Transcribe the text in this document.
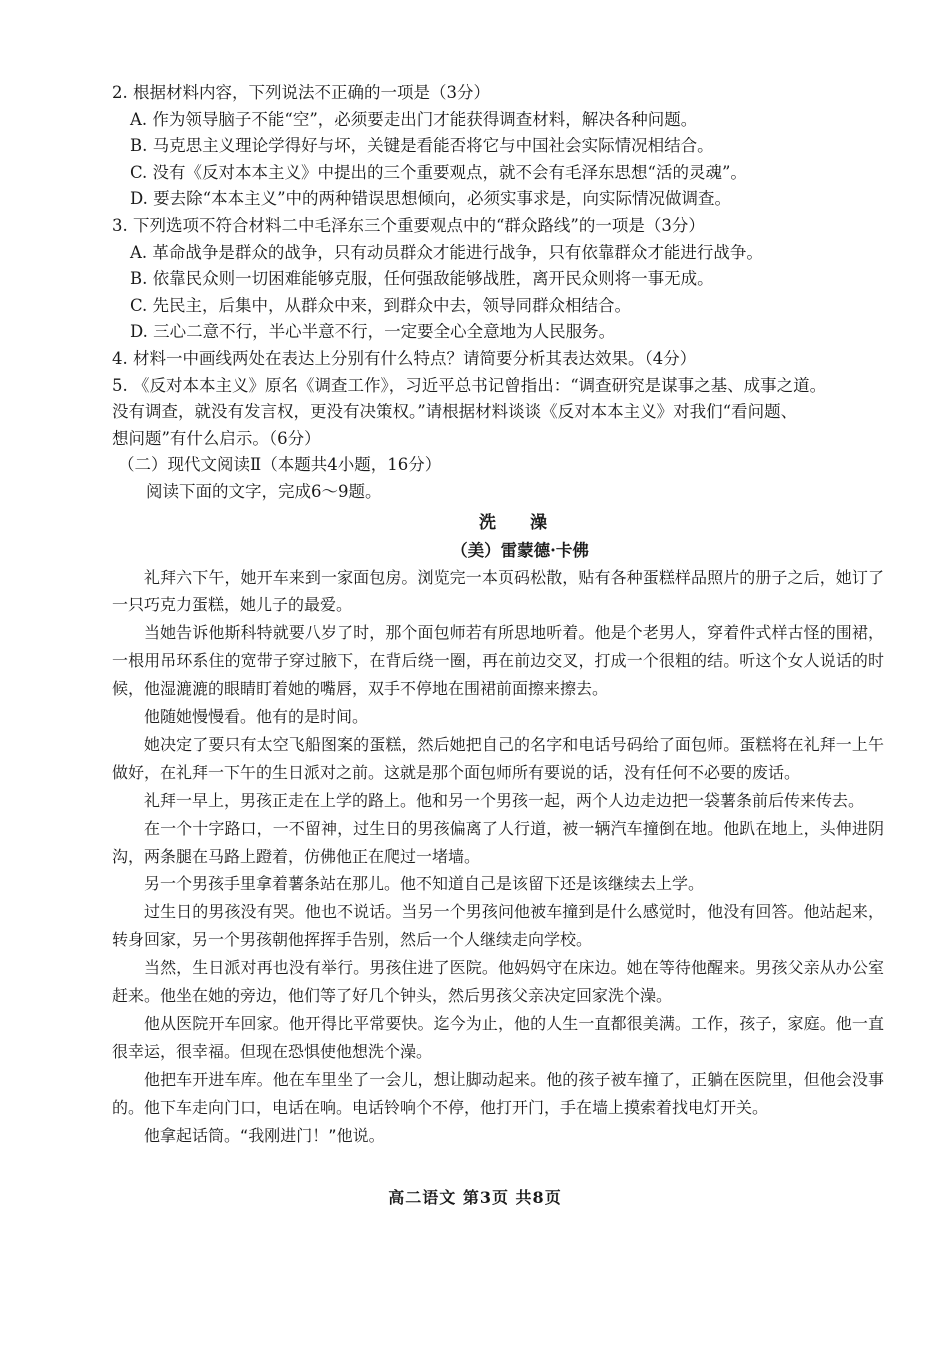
2. 根据材料内容，下列说法不正确的一项是（3分）

A. 作为领导脑子不能“空”，必须要走出门才能获得调查材料，解决各种问题。

B. 马克思主义理论学得好与坏，关键是看能否将它与中国社会实际情况相结合。

C. 没有《反对本本主义》中提出的三个重要观点，就不会有毛泽东思想“活的灵魂”。

D. 要去除“本本主义”中的两种错误思想倾向，必须实事求是，向实际情况做调查。

3. 下列选项不符合材料二中毛泽东三个重要观点中的“群众路线”的一项是（3分）

A. 革命战争是群众的战争，只有动员群众才能进行战争，只有依靠群众才能进行战争。

B. 依靠民众则一切困难能够克服，任何强敌能够战胜，离开民众则将一事无成。

C. 先民主，后集中，从群众中来，到群众中去，领导同群众相结合。

D. 三心二意不行，半心半意不行，一定要全心全意地为人民服务。

4. 材料一中画线两处在表达上分别有什么特点？请简要分析其表达效果。（4分）

5. 《反对本本主义》原名《调查工作》，习近平总书记曾指出：“调查研究是谋事之基、成事之道。

没有调查，就没有发言权，更没有决策权。”请根据材料谈谈《反对本本主义》对我们“看问题、

想问题”有什么启示。（6分）

（二）现代文阅读Ⅱ（本题共4小题，16分）

阅读下面的文字，完成6～9题。

洗 澡
（美）雷蒙德·卡佛

礼拜六下午，她开车来到一家面包房。浏览完一本页码松散，贴有各种蛋糕样品照片的册子之后，她订了一只巧克力蛋糕，她儿子的最爱。

当她告诉他斯科特就要八岁了时，那个面包师若有所思地听着。他是个老男人，穿着件式样古怪的围裙，一根用吊环系住的宽带子穿过腋下，在背后绕一圈，再在前边交叉，打成一个很粗的结。听这个女人说话的时候，他湿漉漉的眼睛盯着她的嘴唇，双手不停地在围裙前面擦来擦去。

他随她慢慢看。他有的是时间。

她决定了要只有太空飞船图案的蛋糕，然后她把自己的名字和电话号码给了面包师。蛋糕将在礼拜一上午做好，在礼拜一下午的生日派对之前。这就是那个面包师所有要说的话，没有任何不必要的废话。

礼拜一早上，男孩正走在上学的路上。他和另一个男孩一起，两个人边走边把一袋薯条前后传来传去。

在一个十字路口，一不留神，过生日的男孩偏离了人行道，被一辆汽车撞倒在地。他趴在地上，头伸进阴沟，两条腿在马路上蹬着，仿佛他正在爬过一堵墙。

另一个男孩手里拿着薯条站在那儿。他不知道自己是该留下还是该继续去上学。

过生日的男孩没有哭。他也不说话。当另一个男孩问他被车撞到是什么感觉时，他没有回答。他站起来，转身回家，另一个男孩朝他挥挥手告别，然后一个人继续走向学校。

当然，生日派对再也没有举行。男孩住进了医院。他妈妈守在床边。她在等待他醒来。男孩父亲从办公室赶来。他坐在她的旁边，他们等了好几个钟头，然后男孩父亲决定回家洗个澡。

他从医院开车回家。他开得比平常要快。迄今为止，他的人生一直都很美满。工作，孩子，家庭。他一直很幸运，很幸福。但现在恐惧使他想洗个澡。

他把车开进车库。他在车里坐了一会儿，想让脚动起来。他的孩子被车撞了，正躺在医院里，但他会没事的。他下车走向门口，电话在响。电话铃响个不停，他打开门，手在墙上摸索着找电灯开关。

他拿起话筒。“我刚进门！”他说。

高二语文 第3页 共8页
